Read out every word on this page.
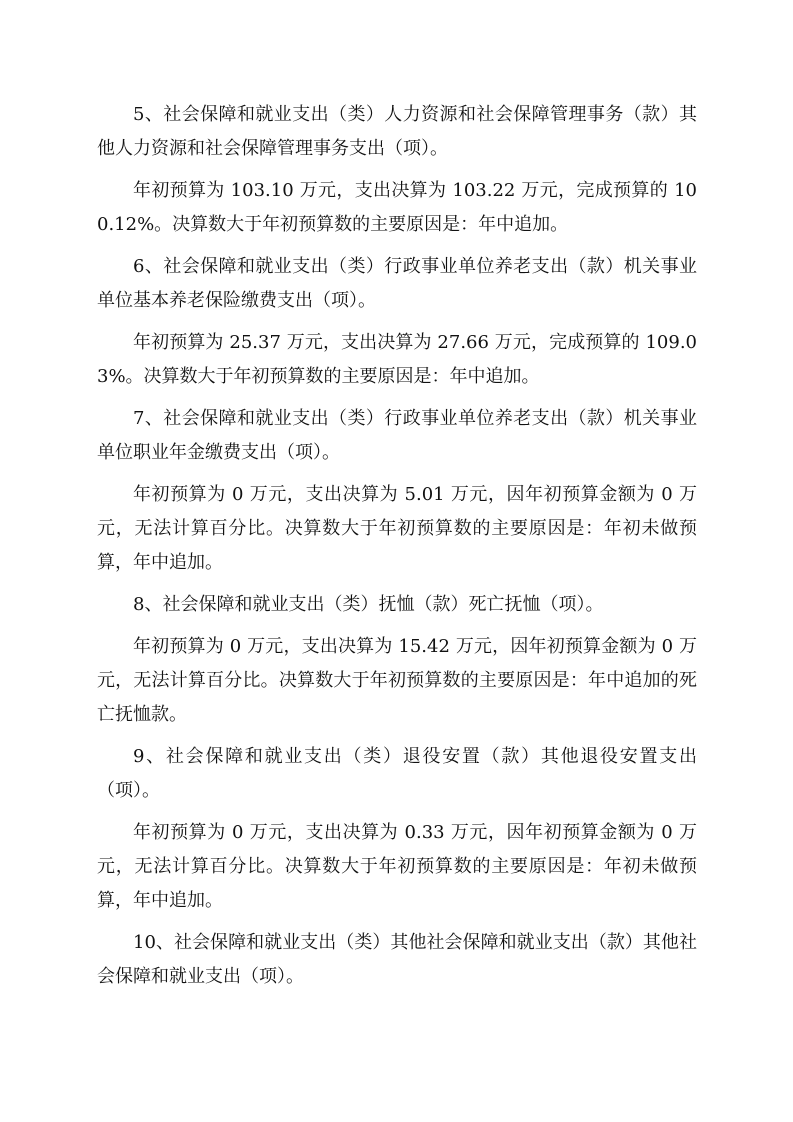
5、社会保障和就业支出（类）人力资源和社会保障管理事务（款）其他人力资源和社会保障管理事务支出（项）。

年初预算为 103.10 万元，支出决算为 103.22 万元，完成预算的 100.12%。决算数大于年初预算数的主要原因是：年中追加。

6、社会保障和就业支出（类）行政事业单位养老支出（款）机关事业单位基本养老保险缴费支出（项）。

年初预算为 25.37 万元，支出决算为 27.66 万元，完成预算的 109.03%。决算数大于年初预算数的主要原因是：年中追加。

7、社会保障和就业支出（类）行政事业单位养老支出（款）机关事业单位职业年金缴费支出（项）。

年初预算为 0 万元，支出决算为 5.01 万元，因年初预算金额为 0 万元，无法计算百分比。决算数大于年初预算数的主要原因是：年初未做预算，年中追加。

8、社会保障和就业支出（类）抚恤（款）死亡抚恤（项）。

年初预算为 0 万元，支出决算为 15.42 万元，因年初预算金额为 0 万元，无法计算百分比。决算数大于年初预算数的主要原因是：年中追加的死亡抚恤款。

9、社会保障和就业支出（类）退役安置（款）其他退役安置支出（项）。

年初预算为 0 万元，支出决算为 0.33 万元，因年初预算金额为 0 万元，无法计算百分比。决算数大于年初预算数的主要原因是：年初未做预算，年中追加。

10、社会保障和就业支出（类）其他社会保障和就业支出（款）其他社会保障和就业支出（项）。
